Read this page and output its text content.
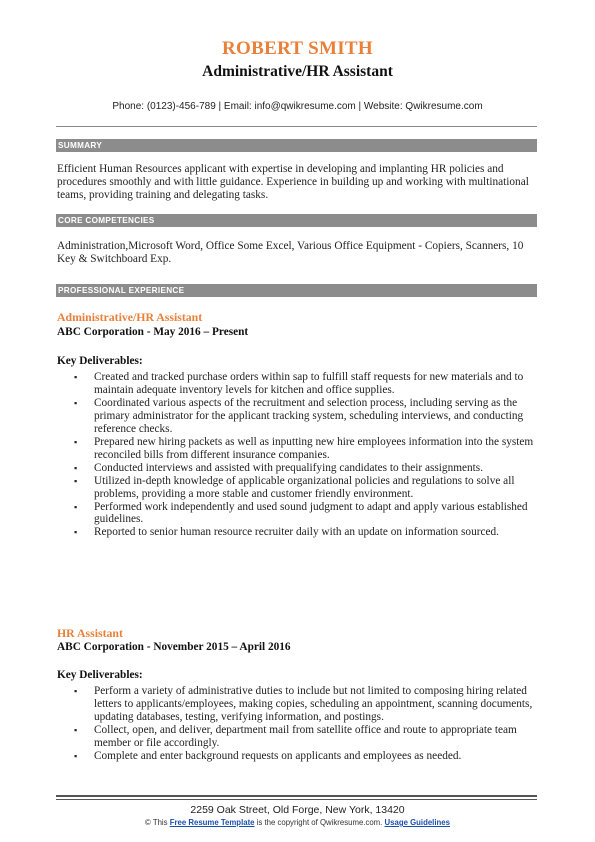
ROBERT SMITH
Administrative/HR Assistant
Phone: (0123)-456-789 | Email: info@qwikresume.com | Website: Qwikresume.com
SUMMARY
Efficient Human Resources applicant with expertise in developing and implanting HR policies and procedures smoothly and with little guidance. Experience in building up and working with multinational teams, providing training and delegating tasks.
CORE COMPETENCIES
Administration,Microsoft Word, Office Some Excel, Various Office Equipment - Copiers, Scanners, 10 Key & Switchboard Exp.
PROFESSIONAL EXPERIENCE
Administrative/HR Assistant
ABC Corporation - May 2016 – Present
Key Deliverables:
▪ Created and tracked purchase orders within sap to fulfill staff requests for new materials and to maintain adequate inventory levels for kitchen and office supplies.
▪ Coordinated various aspects of the recruitment and selection process, including serving as the primary administrator for the applicant tracking system, scheduling interviews, and conducting reference checks.
▪ Prepared new hiring packets as well as inputting new hire employees information into the system reconciled bills from different insurance companies.
▪ Conducted interviews and assisted with prequalifying candidates to their assignments.
▪ Utilized in-depth knowledge of applicable organizational policies and regulations to solve all problems, providing a more stable and customer friendly environment.
▪ Performed work independently and used sound judgment to adapt and apply various established guidelines.
▪ Reported to senior human resource recruiter daily with an update on information sourced.
HR Assistant
ABC Corporation - November 2015 – April 2016
Key Deliverables:
▪ Perform a variety of administrative duties to include but not limited to composing hiring related letters to applicants/employees, making copies, scheduling an appointment, scanning documents, updating databases, testing, verifying information, and postings.
▪ Collect, open, and deliver, department mail from satellite office and route to appropriate team member or file accordingly.
▪ Complete and enter background requests on applicants and employees as needed.
2259 Oak Street, Old Forge, New York, 13420
© This Free Resume Template is the copyright of Qwikresume.com. Usage Guidelines
